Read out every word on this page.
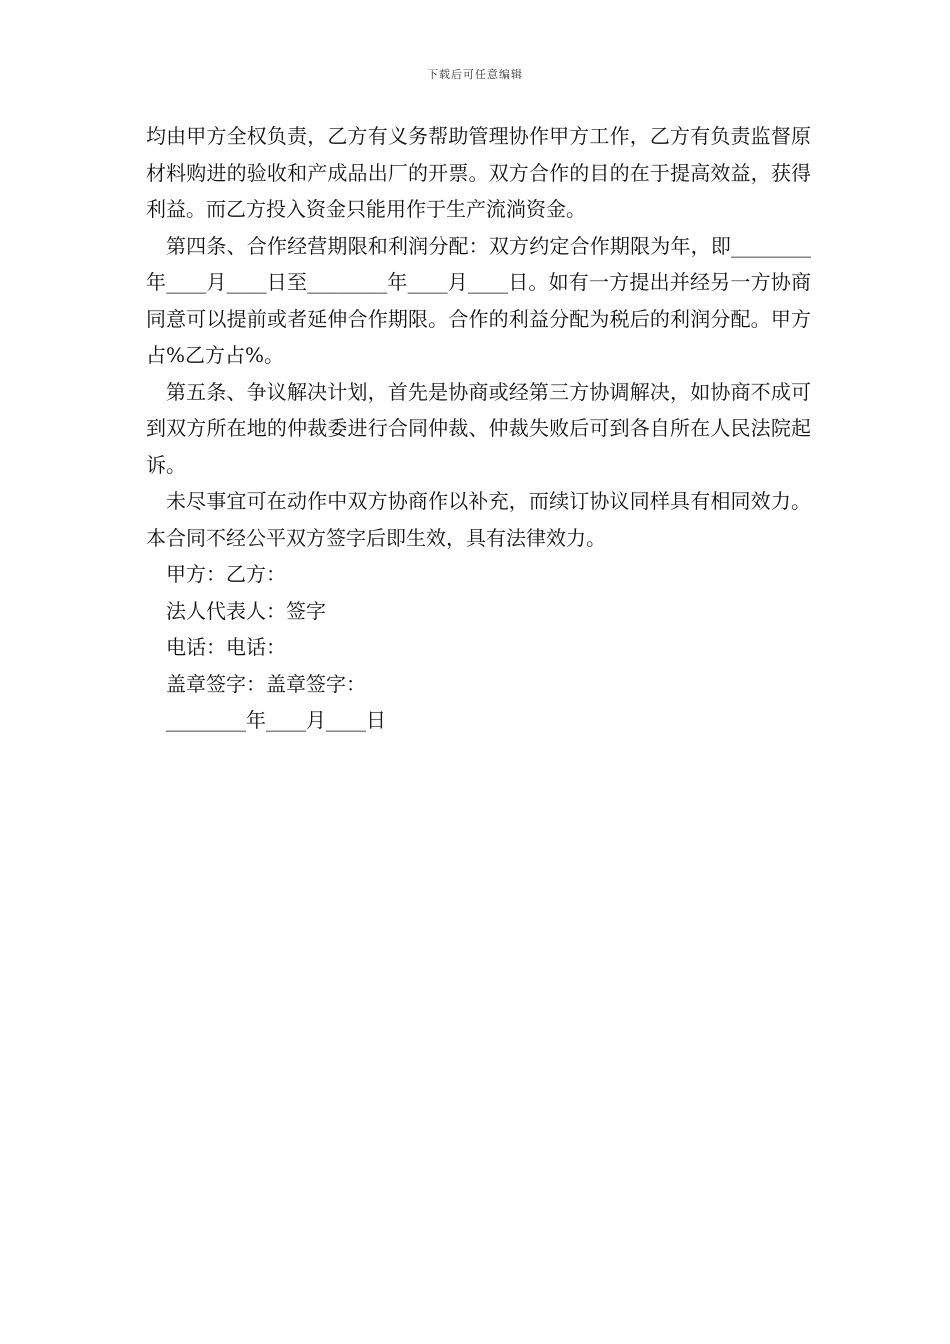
下载后可任意编辑

均由甲方全权负责，乙方有义务帮助管理协作甲方工作，乙方有负责监督原材料购进的验收和产成品出厂的开票。双方合作的目的在于提高效益，获得利益。而乙方投入资金只能用作于生产流淌资金。

第四条、合作经营期限和利润分配：双方约定合作期限为年，即________年____月____日至________年____月____日。如有一方提出并经另一方协商同意可以提前或者延伸合作期限。合作的利益分配为税后的利润分配。甲方占%乙方占%。

第五条、争议解决计划，首先是协商或经第三方协调解决，如协商不成可到双方所在地的仲裁委进行合同仲裁、仲裁失败后可到各自所在人民法院起诉。

未尽事宜可在动作中双方协商作以补充，而续订协议同样具有相同效力。本合同不经公平双方签字后即生效，具有法律效力。

甲方：乙方：

法人代表人：签字

电话：电话：

盖章签字：盖章签字：

________年____月____日
